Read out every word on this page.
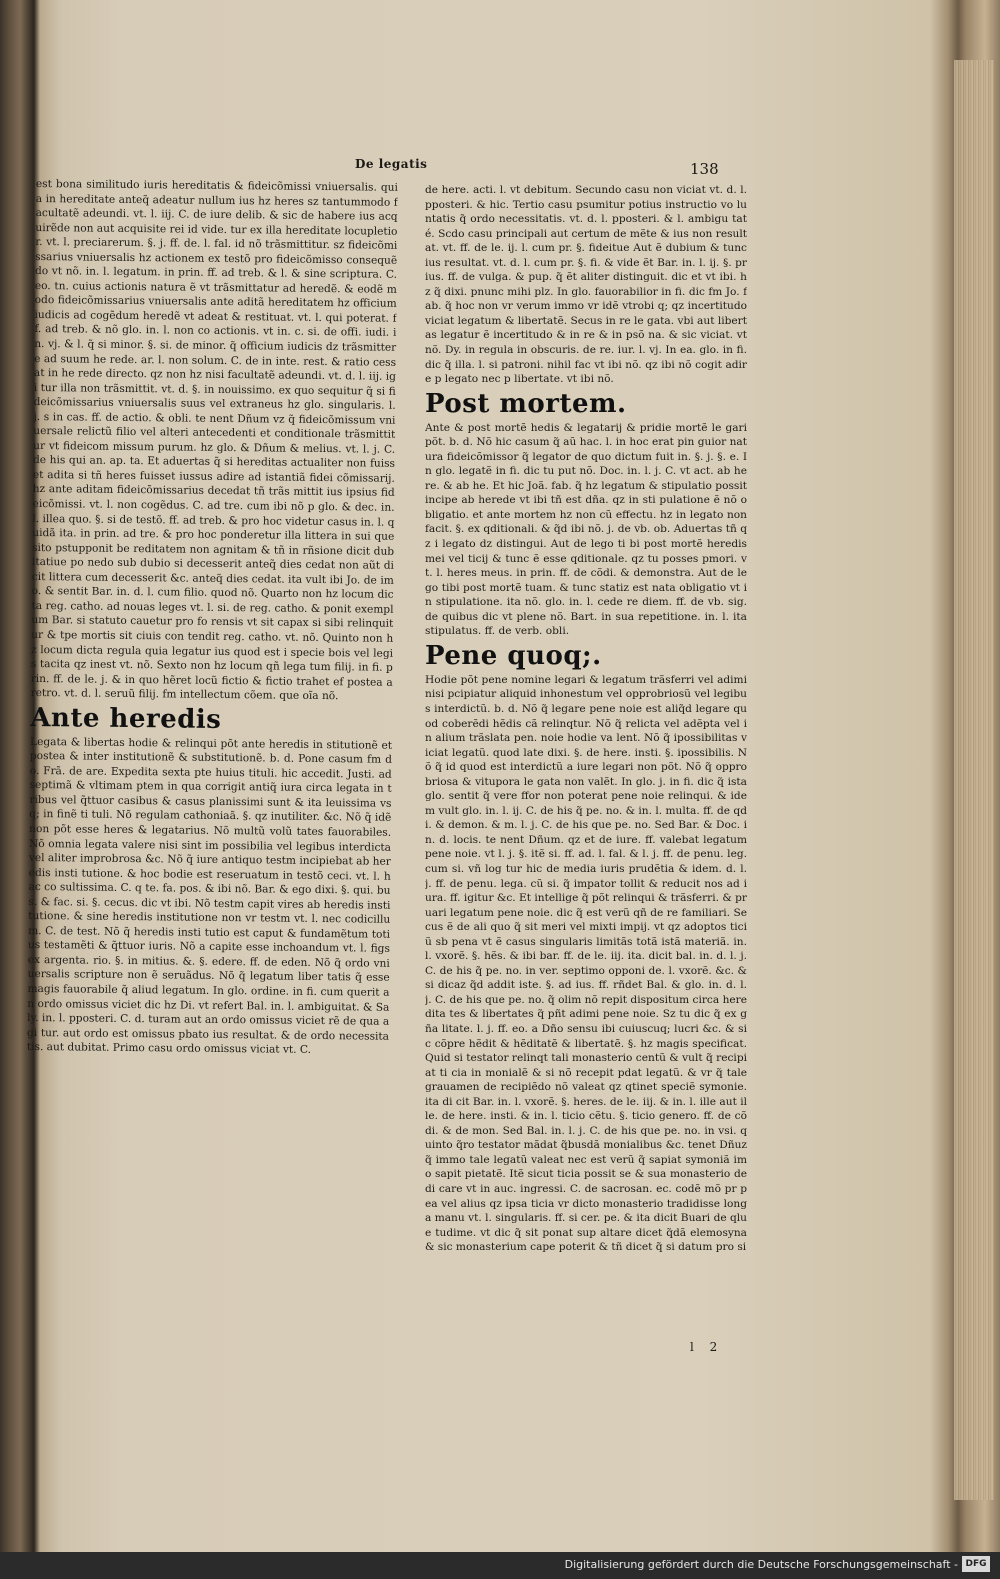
De legatis	138

est bona similitudo iuris hereditatis & fideicõmissi vniuersalis. quia in hereditate anteq̃ adeatur nullum ius hz heres sz tantummodo facultatẽ adeundi. vt. l. iij. C. de iure delib. & sic de habere ius acquirẽde non aut acquisite rei id vide. tur ex illa hereditate locupletior. vt. l. preciarerum. §. j. ff. de. l. fal. id nõ trãsmittitur. sz fideicõmissarius vniuersalis hz actionem ex testõ pro fideicõmisso consequẽdo vt nõ. in. l. legatum. in prin. ff. ad treb. & l. & sine scriptura. C. eo. tn. cuius actionis natura ẽ vt trãsmittatur ad heredẽ. & eodẽ modo fideicõmissarius vniuersalis ante aditã hereditatem hz officium iudicis ad cogẽdum heredẽ vt adeat & restituat. vt. l. qui poterat. ff. ad treb. & nõ glo. in. l. non co actionis. vt in. c. si. de offi. iudi. in. vj. & l. q̃ si minor. §. si. de minor. q̃ officium iudicis dz trãsmittere ad suum he rede. ar. l. non solum. C. de in inte. rest. & ratio cessat in he rede directo. qz non hz nisi facultatẽ adeundi. vt. d. l. iij. igi tur illa non trãsmittit. vt. d. §. in nouissimo. ex quo sequitur q̃ si fideicõmissarius vniuersalis suus vel extraneus hz glo. singularis. l. j. s in cas. ff. de actio. & obli. te nent Dñum vz q̃ fideicõmissum vniuersale relictũ filio vel alteri antecedenti et conditionale trãsmittitur vt fideicom missum purum. hz glo. & Dñum & melius. vt. l. j. C. de his qui an. ap. ta. Et aduertas q̃ si hereditas actualiter non fuisset adita si tñ heres fuisset iussus adire ad istantiã fidei cõmissarij. hz ante aditam fideicõmissarius decedat tñ trãs mittit ius ipsius fideicõmissi. vt. l. non cogẽdus. C. ad tre. cum ibi nõ p glo. & dec. in. l. illea quo. §. si de testõ. ff. ad treb. & pro hoc videtur casus in. l. quidã ita. in prin. ad tre. & pro hoc ponderetur illa littera in sui quesito pstupponit be reditatem non agnitam & tñ in rñsione dicit dubitatiue po nedo sub dubio si decesserit anteq̃ dies cedat non aũt dicit littera cum decesserit &c. anteq̃ dies cedat. ita vult ibi Jo. de imo. & sentit Bar. in. d. l. cum filio. quod nõ. Quarto non hz locum dicta reg. catho. ad nouas leges vt. l. si. de reg. catho. & ponit exemplum Bar. si statuto cauetur pro fo rensis vt sit capax si sibi relinquitur & tpe mortis sit ciuis con tendit reg. catho. vt. nõ. Quinto non hz locum dicta regula quia legatur ius quod est i specie bois vel legis tacita qz inest vt. nõ. Sexto non hz locum qñ lega tum filij. in fi. prin. ff. de le. j. & in quo hẽret locũ fictio & fictio trahet ef postea a retro. vt. d. l. seruũ filij. fm intellectum cõem. que oĩa nõ.

Ante heredis

Legata & libertas hodie & relinqui põt ante heredis in stitutionẽ et postea & inter institutionẽ & substitutionẽ. b. d. Pone casum fm do. Frã. de are. Expedita sexta pte huius tituli. hic accedit. Justi. ad septimã & vltimam ptem in qua corrigit antiq̃ iura circa legata in tribus vel q̃ttuor casibus & casus planissimi sunt & ita leuissima vsq; in finẽ ti tuli. Nõ regulam cathoniaã. §. qz inutiliter. &c. Nõ q̃ idẽ non põt esse heres & legatarius. Nõ multũ volũ tates fauorabiles. Nõ omnia legata valere nisi sint im possibilia vel legibus interdicta vel aliter improbrosa &c. Nõ q̃ iure antiquo testm incipiebat ab heredis insti tutione. & hoc bodie est reseruatum in testõ ceci. vt. l. hac co sultissima. C. q te. fa. pos. & ibi nõ. Bar. & ego dixi. §. qui. bus. & fac. si. §. cecus. dic vt ibi. Nõ testm capit vires ab heredis institutione. & sine heredis institutione non vr testm vt. l. nec codicillum. C. de test. Nõ q̃ heredis insti tutio est caput & fundamẽtum totius testamẽti & q̃ttuor iuris. Nõ a capite esse inchoandum vt. l. figs ex argenta. rio. §. in mitius. &. §. edere. ff. de eden. Nõ q̃ ordo vni uersalis scripture non ẽ seruãdus. Nõ q̃ legatum liber tatis q̃ esse magis fauorabile q̃ aliud legatum. In glo. ordine. in fi. cum querit an ordo omissus viciet dic hz Di. vt refert Bal. in. l. ambiguitat. & Saly. in. l. pposteri. C. d. turam aut an ordo omissus viciet rẽ de qua agi tur. aut ordo est omissus pbato ius resultat. & de ordo necessitatis. aut dubitat. Primo casu ordo omissus viciat vt. C.

de here. acti. l. vt debitum. Secundo casu non viciat vt. d. l. pposteri. & hic. Tertio casu psumitur potius instructio vo luntatis q̃ ordo necessitatis. vt. d. l. pposteri. & l. ambigu taté. Scdo casu principali aut certum de mẽte & ius non resultat. vt. ff. de le. ij. l. cum pr. §. fideitue Aut ẽ dubium & tunc ius resultat. vt. d. l. cum pr. §. fi. & vide ẽt Bar. in. l. ij. §. prius. ff. de vulga. & pup. q̃ ẽt aliter distinguit. dic et vt ibi. hz q̃ dixi. pnunc mihi plz. In glo. fauorabilior in fi. dic fm Jo. fab. q̃ hoc non vr verum immo vr idẽ vtrobi q; qz incertitudo viciat legatum & libertatẽ. Secus in re le gata. vbi aut libertas legatur ẽ incertitudo & in re & in psõ na. & sic viciat. vt nõ. Dy. in regula in obscuris. de re. iur. l. vj. In ea. glo. in fi. dic q̃ illa. l. si patroni. nihil fac vt ibi nõ. qz ibi nõ cogit adire p legato nec p libertate. vt ibi nõ.

Post mortem.

Ante & post mortẽ hedis & legatarij & pridie mortẽ le gari põt. b. d. Nõ hic casum q̃ aũ hac. l. in hoc erat pin guior natura fideicõmissor q̃ legator de quo dictum fuit in. §. j. §. e. In glo. legatẽ in fi. dic tu put nõ. Doc. in. l. j. C. vt act. ab here. & ab he. Et hic Joã. fab. q̃ hz legatum & stipulatio possit incipe ab herede vt ibi tñ est dña. qz in sti pulatione ẽ nõ obligatio. et ante mortem hz non cũ effectu. hz in legato non facit. §. ex qditionali. & q̃d ibi nõ. j. de vb. ob. Aduertas tñ qz i legato dz distingui. Aut de lego ti bi post mortẽ heredis mei vel ticij & tunc ẽ esse qditionale. qz tu posses pmori. vt. l. heres meus. in prin. ff. de cõdi. & demonstra. Aut de lego tibi post mortẽ tuam. & tunc statiz est nata obligatio vt in stipulatione. ita nõ. glo. in. l. cede re diem. ff. de vb. sig. de quibus dic vt plene nõ. Bart. in sua repetitione. in. l. ita stipulatus. ff. de verb. obli.

Pene quoq;.

Hodie põt pene nomine legari & legatum trãsferri vel adimi nisi pcipiatur aliquid inhonestum vel opprobriosũ vel legibus interdictũ. b. d. Nõ q̃ legare pene noie est aliq̃d legare quod coberẽdi hẽdis cã relinqtur. Nõ q̃ relicta vel adẽpta vel in alium trãslata pen. noie hodie va lent. Nõ q̃ ipossibilitas viciat legatũ. quod late dixi. §. de here. insti. §. ipossibilis. Nõ q̃ id quod est interdictũ a iure legari non põt. Nõ q̃ opprobriosa & vitupora le gata non valẽt. In glo. j. in fi. dic q̃ ista glo. sentit q̃ vere ffor non poterat pene noie relinqui. & idem vult glo. in. l. ij. C. de his q̃ pe. no. & in. l. multa. ff. de qdi. & demon. & m. l. j. C. de his que pe. no. Sed Bar. & Doc. in. d. locis. te nent Dñum. qz et de iure. ff. valebat legatum pene noie. vt l. j. §. itẽ si. ff. ad. l. fal. & l. j. ff. de penu. leg. cum si. vñ log tur hic de media iuris prudẽtia & idem. d. l. j. ff. de penu. lega. cũ si. q̃ impator tollit & reducit nos ad iura. ff. igitur &c. Et intellige q̃ põt relinqui & trãsferri. & pruari legatum pene noie. dic q̃ est verũ qñ de re familiari. Secus ẽ de ali quo q̃ sit meri vel mixti impij. vt qz adoptos ticiũ sb pena vt ẽ casus singularis limitãs totã istã materiã. in. l. vxorẽ. §. hẽs. & ibi bar. ff. de le. iij. ita. dicit bal. in. d. l. j. C. de his q̃ pe. no. in ver. septimo opponi de. l. vxorẽ. &c. & si dicaz q̃d addit iste. §. ad ius. ff. rñdet Bal. & glo. in. d. l. j. C. de his que pe. no. q̃ olim nõ repit dispositum circa heredita tes & libertates q̃ pñt adimi pene noie. Sz tu dic q̃ ex gña litate. l. j. ff. eo. a Dño sensu ibi cuiuscuq; lucri &c. & sic cõpre hẽdit & hẽditatẽ & libertatẽ. §. hz magis specificat. Quid si testator relinqt tali monasterio centũ & vult q̃ recipiat ti cia in monialẽ & si nõ recepit pdat legatũ. & vr q̃ tale grauamen de recipiẽdo nõ valeat qz qtinet speciẽ symonie. ita di cit Bar. in. l. vxorẽ. §. heres. de le. iij. & in. l. ille aut ille. de here. insti. & in. l. ticio cẽtu. §. ticio genero. ff. de cõdi. & de mon. Sed Bal. in. l. j. C. de his que pe. no. in vsi. quinto q̃ro testator mãdat q̃busdã monialibus &c. tenet Dñuz q̃ immo tale legatũ valeat nec est verũ q̃ sapiat symoniã imo sapit pietatẽ. Itẽ sicut ticia possit se & sua monasterio dedi care vt in auc. ingressi. C. de sacrosan. ec. codẽ mõ pr p ea vel alius qz ipsa ticia vr dicto monasterio tradidisse longa manu vt. l. singularis. ff. si cer. pe. & ita dicit Buari de qlue tudime. vt dic q̃ sit ponat sup altare dicet q̃dã elemosyna & sic monasterium cape poterit & tñ dicet q̃ si datum pro si

l 2
Digitalisierung gefördert durch die Deutsche Forschungsgemeinschaft - DFG
